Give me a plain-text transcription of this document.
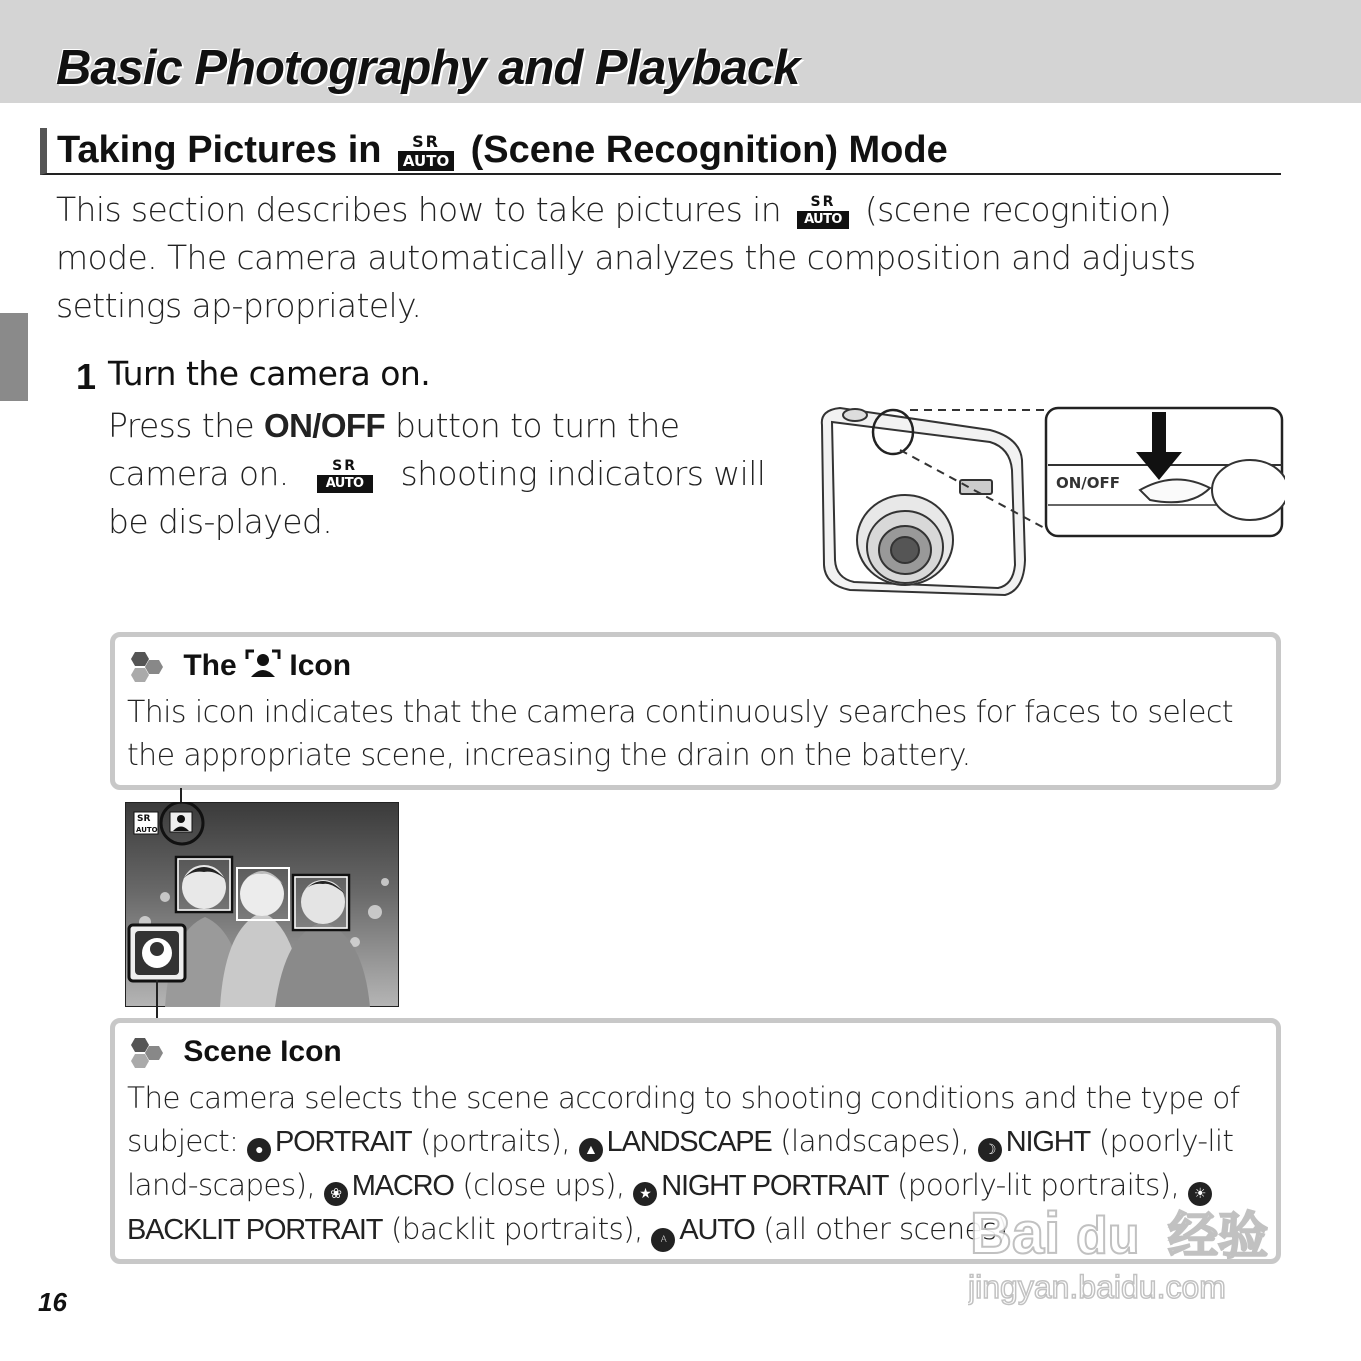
Basic Photography and Playback
Taking Pictures in	SR
AUTO (Scene Recognition) Mode

This section describes how to take pictures in	SR
AUTO (scene recognition) mode. The camera automatically analyzes the composition and adjusts settings ap-propriately.

1 Turn the camera on.

Press the ON/OFF button to turn the camera on.	SR
AUTO shooting indicators will be dis-played.

ON/OFF
The Icon
This icon indicates that the camera continuously searches for faces to select the appropriate scene, increasing the drain on the battery.
SR
AUTO
Scene Icon
The camera selects the scene according to shooting conditions and the type of subject: ● PORTRAIT (portraits), ▲ LANDSCAPE (landscapes), ☽ NIGHT (poorly-lit land-scapes), ❀ MACRO (close ups), ★ NIGHT PORTRAIT (poorly-lit portraits), ☀BACKLIT PORTRAIT (backlit portraits), A AUTO (all other scenes)
16
Bai du 经验
jingyan.baidu.com
